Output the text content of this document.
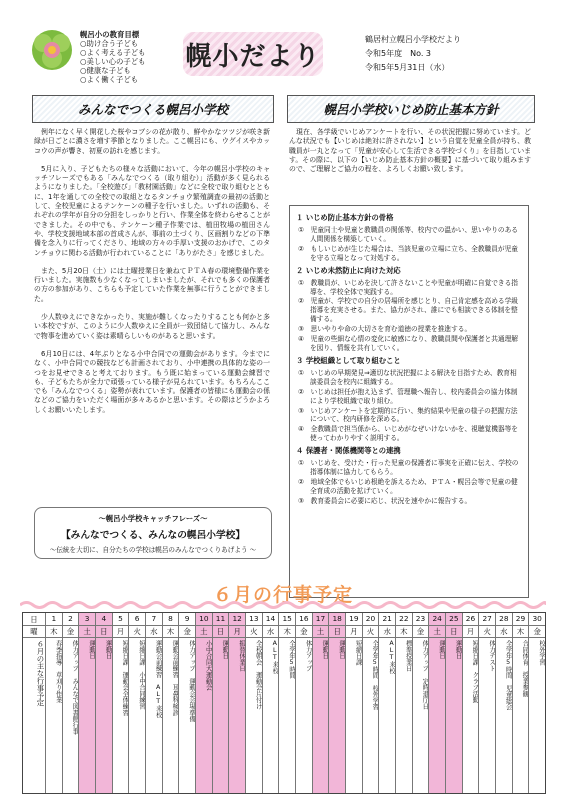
幌呂小の教育目標
○助け合う子ども
○よく考える子ども
○美しい心の子ども
○健康な子ども
○よく働く子ども
幌小だより
鶴居村立幌呂小学校だより
令和5年度　No. 3
令和5年5月31日（水）
みんなでつくる幌呂小学校

例年になく早く開花した桜やコブシの花が散り、鮮やかなツツジが咲き新緑が日ごとに濃さを増す季節となりました。ここ幌呂にも、ウグイスやカッコウの声が響き、初夏の訪れを感じます。

5月に入り、子どもたちの様々な活動において、今年の幌呂小学校のキャッチフレーズでもある「みんなでつくる（取り組む）」活動が多く見られるようになりました。「全校遊び」「教材園活動」などに全校で取り組むとともに、1年を通しての全校での取組となるタンチョウ繁殖調査の最初の活動として、全校児童によるテンケーンの種子を行いました。いずれの活動も、それぞれの学年が自分の分担をしっかりと行い、作業全体を終わらせることができました。その中でも、テンケーン種子作業では、植田牧場の植田さんや、学校支援地域本部の首成さんが、事前の土づくり、区画割りなどの下準備を念入りに行ってくださり、地域の方々の手厚い支援のおかげで、このタンチョウに関わる活動が行われていることに「ありがたさ」を感じました。

また、5月20日（土）には土曜授業日を兼ねてＰＴＡ春の環境整備作業を行いました。実施数も少なくなってしまいましたが、それでも多くの保護者の方の参加があり、こちらも予定していた作業を無事に行うことができました。

少人数ゆえにできなかったり、実施が難しくなったりすることも何かと多い本校ですが、このように少人数ゆえに全員が一致団結して協力し、みんなで物事を進めていく姿は素晴らしいものがあると思います。

6月10日には、4年ぶりとなる小中合同での運動会があります。今までになく、小中合同での競技なども計画されており、小中連携の具体的な姿の一つをお見せできると考えております。もう既に始まっている運動会練習でも、子どもたちが全力で頑張っている様子が見られています。もちろんここでも「みんなでつくる」姿勢が表れています。保護者の皆様にも運動会の係などのご協力をいただく場面が多々あるかと思います。その際はどうかよろしくお願いいたします。

〜幌呂小学校キャッチフレーズ〜
【みんなでつくる、みんなの幌呂小学校】
〜伝統を大切に、自分たちの学校は幌呂のみんなでつくりあげよう 〜
幌呂小学校いじめ防止基本方針

現在、各学級でいじめアンケートを行い、その状況把握に努めています。どんな状況でも【いじめは絶対に許されない】という自覚を児童全員が持ち、教職員が一丸となって「児童が安心して生活できる学校づくり」を目指しています。その際に、以下の【いじめ防止基本方針の概要】に基づいて取り組みますので、ご理解とご協力の程を、よろしくお願い致します。

１ いじめ防止基本方針の骨格
①　児童同士や児童と教職員の関係等、校内での温かい、思いやりのある人間関係を構築していく。
②　もしいじめが生じた場合は、当該児童の立場に立ち、全教職員が児童を守る立場となって対処する。
２ いじめ未然防止に向けた対応
①　教職員が、いじめを決して許さないことや児童が明確に自覚できる指導を、学校全体で実践する。
②　児童が、学校での自分の居場所を感じとり、自己肯定感を高める学級指導を充実させる。また、協力がされ、誰にでも相談できる体制を整備する。
③　思いやりや命の大切さを育む道徳の授業を推進する。
④　児童の些細な心情の変化に敏感になり、教職員間や保護者と共通理解を図り、情報を共有していく。
３ 学校組織として取り組むこと
①　いじめの早期発見⇒適切な状況把握による解決を目指すため、教育相談委員会を校内に組織する。
②　いじめは担任が抱え込まず、管理職へ報告し、校内委員会の協力体制により学校組織で取り組む。
③　いじめアンケートを定期的に行い、集約結果や児童の様子の把握方法について、校内研修を深める。
④　全教職員で担当係から、いじめがなぜいけないかを、視聴覚機器等を使ってわかりやすく説明する。
４ 保護者・関係機関等との連携
①　いじめを、受けた・行った児童の保護者に事実を正確に伝え、学校の指導体制に協力してもらう。
②　地域全体でもいじめ根絶を訴えるため、ＰＴＡ・幌呂会等で児童の健全育成の活動を拡げていく。
③　教育委員会に必要に応じ、状況を速やかに報告する。
６月の行事予定
日
曜
６月の主な行事予定
1
木
春季指導　草刈り作業
2
金
体力アップ　みんなで図書館行事
3
土
運動日
4
日
運動日
5
月
短縮日課　運動会全体練習
6
火
短縮日課　小中合同練習
7
水
運動会前練習　ALT来校
8
木
運動会前練習　耳鼻科検診
9
金
体力アップ　運動会会場準備
10
土
小中合同大運動会
11
日
運動日
12
月
振替休業日
13
火
全校朝会　運動会片付け
14
水
ALT来校
15
木
全学年5時間
16
金
体力アップ
17
土
運動日
18
日
運動日
19
月
短縮日課
20
火
全学年5時間　校外学習
21
水
ALT来校
22
木
標準授業日
23
金
体力アップ　定時退庁日
24
土
運動日
25
日
運動日
26
月
短縮日課　クラブ活動
27
火
体力テスト
28
水
全学年5時間　児童総会
29
木
合同体育　授業参観
30
金
校外学習
